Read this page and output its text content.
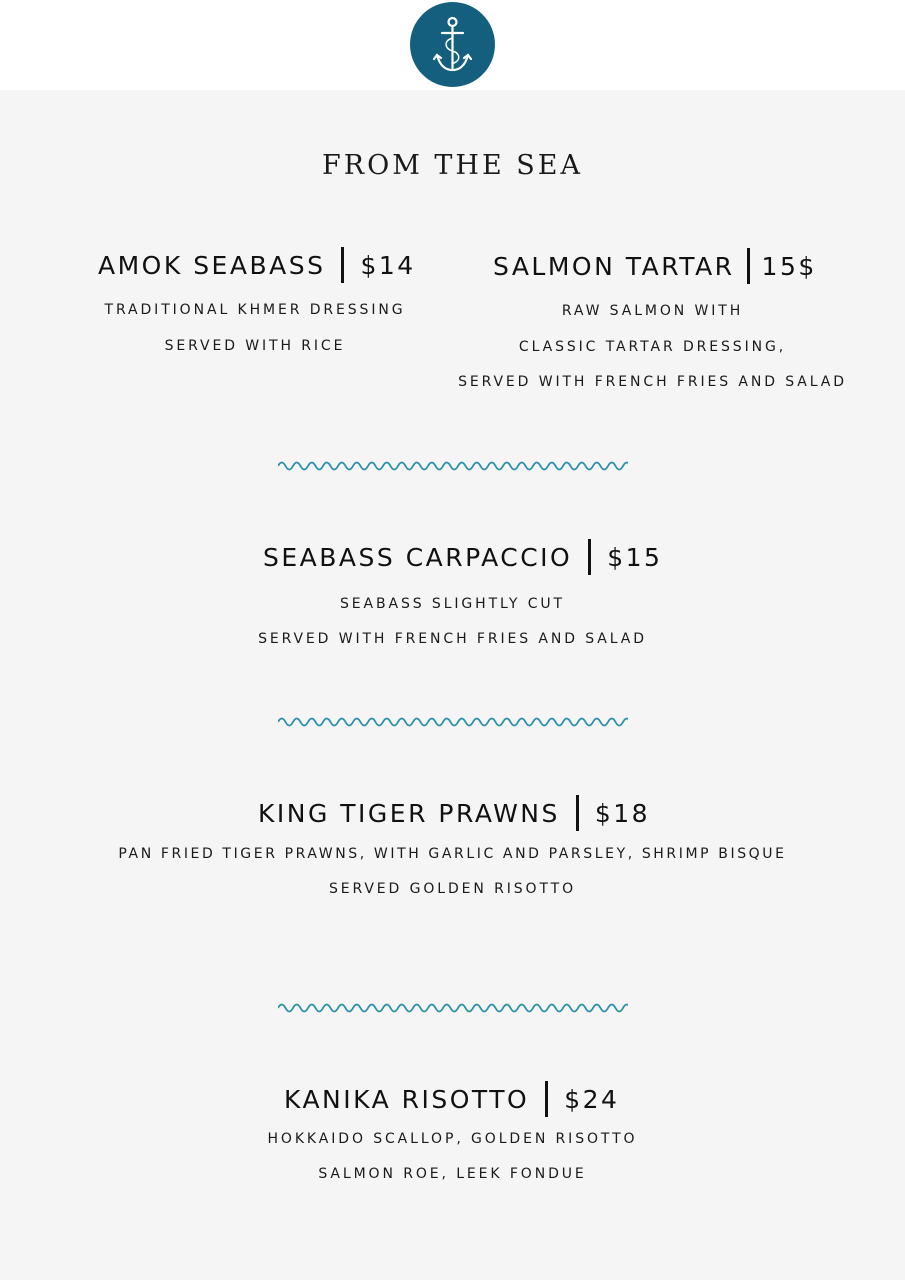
FROM THE SEA
AMOK SEABASS $14
TRADITIONAL KHMER DRESSING
SERVED WITH RICE
SALMON TARTAR 15$
RAW SALMON WITH
CLASSIC TARTAR DRESSING,
SERVED WITH FRENCH FRIES AND SALAD
SEABASS CARPACCIO $15
SEABASS SLIGHTLY CUT
SERVED WITH FRENCH FRIES AND SALAD
KING TIGER PRAWNS $18
PAN FRIED TIGER PRAWNS, WITH GARLIC AND PARSLEY, SHRIMP BISQUE
SERVED GOLDEN RISOTTO
KANIKA RISOTTO $24
HOKKAIDO SCALLOP, GOLDEN RISOTTO
SALMON ROE, LEEK FONDUE
